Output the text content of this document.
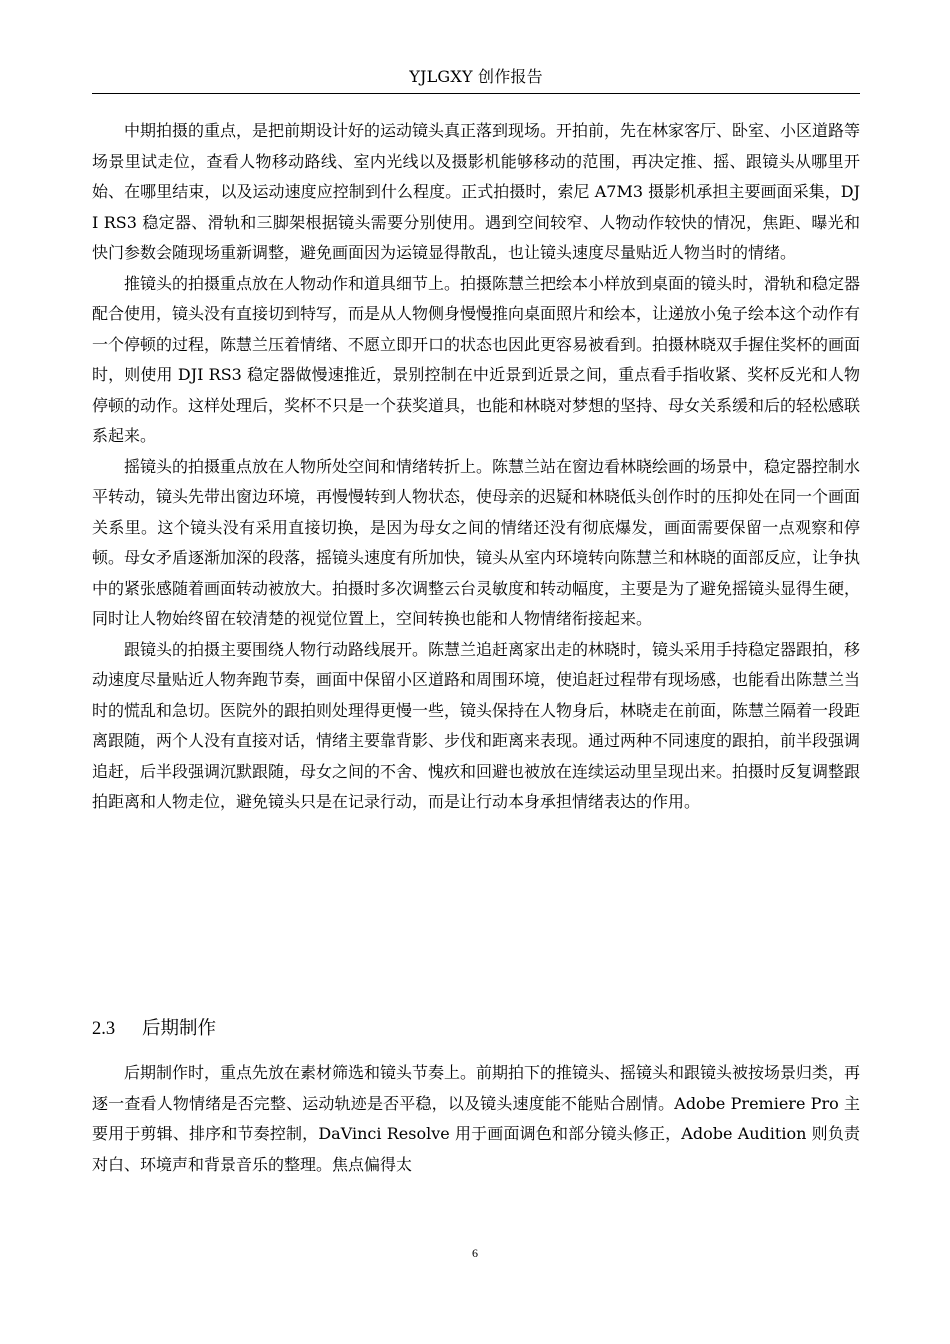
YJLGXY 创作报告

中期拍摄的重点，是把前期设计好的运动镜头真正落到现场。开拍前，先在林家客厅、卧室、小区道路等场景里试走位，查看人物移动路线、室内光线以及摄影机能够移动的范围，再决定推、摇、跟镜头从哪里开始、在哪里结束，以及运动速度应控制到什么程度。正式拍摄时，索尼 A7M3 摄影机承担主要画面采集，DJI RS3 稳定器、滑轨和三脚架根据镜头需要分别使用。遇到空间较窄、人物动作较快的情况，焦距、曝光和快门参数会随现场重新调整，避免画面因为运镜显得散乱，也让镜头速度尽量贴近人物当时的情绪。

推镜头的拍摄重点放在人物动作和道具细节上。拍摄陈慧兰把绘本小样放到桌面的镜头时，滑轨和稳定器配合使用，镜头没有直接切到特写，而是从人物侧身慢慢推向桌面照片和绘本，让递放小兔子绘本这个动作有一个停顿的过程，陈慧兰压着情绪、不愿立即开口的状态也因此更容易被看到。拍摄林晓双手握住奖杯的画面时，则使用 DJI RS3 稳定器做慢速推近，景别控制在中近景到近景之间，重点看手指收紧、奖杯反光和人物停顿的动作。这样处理后，奖杯不只是一个获奖道具，也能和林晓对梦想的坚持、母女关系缓和后的轻松感联系起来。

摇镜头的拍摄重点放在人物所处空间和情绪转折上。陈慧兰站在窗边看林晓绘画的场景中，稳定器控制水平转动，镜头先带出窗边环境，再慢慢转到人物状态，使母亲的迟疑和林晓低头创作时的压抑处在同一个画面关系里。这个镜头没有采用直接切换，是因为母女之间的情绪还没有彻底爆发，画面需要保留一点观察和停顿。母女矛盾逐渐加深的段落，摇镜头速度有所加快，镜头从室内环境转向陈慧兰和林晓的面部反应，让争执中的紧张感随着画面转动被放大。拍摄时多次调整云台灵敏度和转动幅度，主要是为了避免摇镜头显得生硬，同时让人物始终留在较清楚的视觉位置上，空间转换也能和人物情绪衔接起来。

跟镜头的拍摄主要围绕人物行动路线展开。陈慧兰追赶离家出走的林晓时，镜头采用手持稳定器跟拍，移动速度尽量贴近人物奔跑节奏，画面中保留小区道路和周围环境，使追赶过程带有现场感，也能看出陈慧兰当时的慌乱和急切。医院外的跟拍则处理得更慢一些，镜头保持在人物身后，林晓走在前面，陈慧兰隔着一段距离跟随，两个人没有直接对话，情绪主要靠背影、步伐和距离来表现。通过两种不同速度的跟拍，前半段强调追赶，后半段强调沉默跟随，母女之间的不舍、愧疚和回避也被放在连续运动里呈现出来。拍摄时反复调整跟拍距离和人物走位，避免镜头只是在记录行动，而是让行动本身承担情绪表达的作用。

2.3 后期制作

后期制作时，重点先放在素材筛选和镜头节奏上。前期拍下的推镜头、摇镜头和跟镜头被按场景归类，再逐一查看人物情绪是否完整、运动轨迹是否平稳，以及镜头速度能不能贴合剧情。Adobe Premiere Pro 主要用于剪辑、排序和节奏控制，DaVinci Resolve 用于画面调色和部分镜头修正，Adobe Audition 则负责对白、环境声和背景音乐的整理。焦点偏得太

6
